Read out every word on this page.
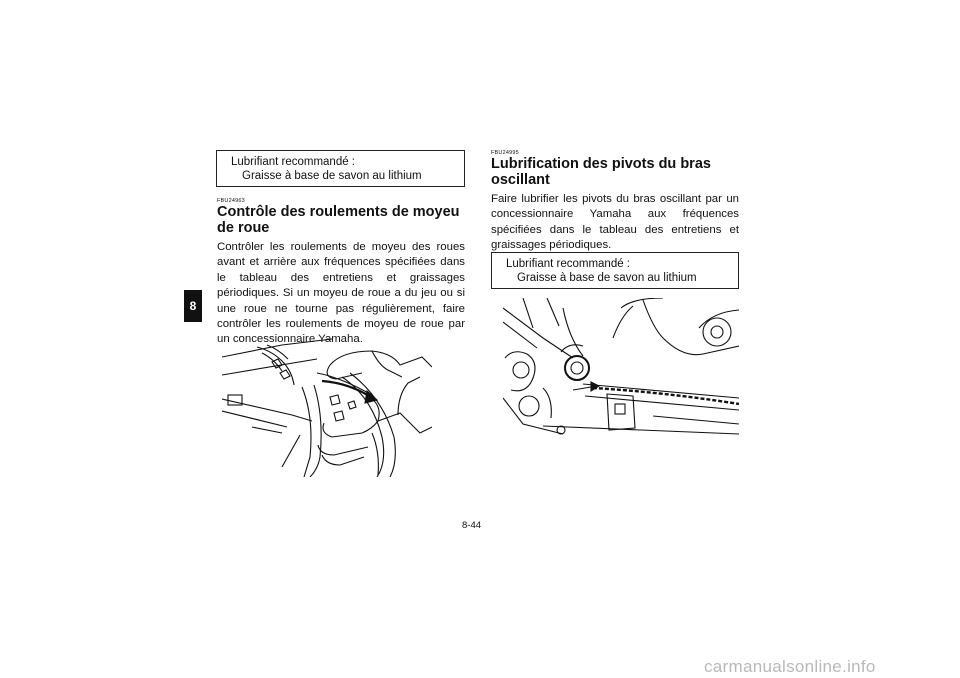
8
Lubrifiant recommandé :

Graisse à base de savon au lithium
FBU24963
Contrôle des roulements de moyeu de roue

Contrôler les roulements de moyeu des roues avant et arrière aux fréquences spécifiées dans le tableau des entretiens et graissages périodiques. Si un moyeu de roue a du jeu ou si une roue ne tourne pas régulièrement, faire contrôler les roulements de moyeu de roue par un concessionnaire Yamaha.

FBU24995
Lubrification des pivots du bras oscillant

Faire lubrifier les pivots du bras oscillant par un concessionnaire Yamaha aux fréquences spécifiées dans le tableau des entretiens et graissages périodiques.

Lubrifiant recommandé :

Graisse à base de savon au lithium
8-44
carmanualsonline.info
